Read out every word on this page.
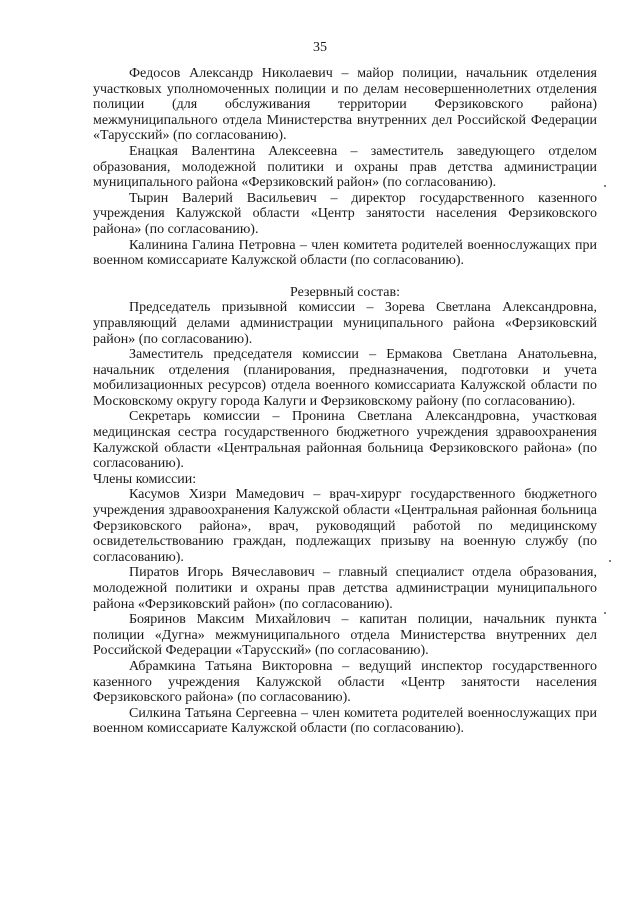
35

Федосов Александр Николаевич – майор полиции, начальник отделения участковых уполномоченных полиции и по делам несовершеннолетних отделения полиции (для обслуживания территории Ферзиковского района) межмуниципального отдела Министерства внутренних дел Российской Федерации «Тарусский» (по согласованию).

Енацкая Валентина Алексеевна – заместитель заведующего отделом образования, молодежной политики и охраны прав детства администрации муниципального района «Ферзиковский район» (по согласованию).

Тырин Валерий Васильевич – директор государственного казенного учреждения Калужской области «Центр занятости населения Ферзиковского района» (по согласованию).

Калинина Галина Петровна – член комитета родителей военнослужащих при военном комиссариате Калужской области (по согласованию).

Резервный состав:

Председатель призывной комиссии – Зорева Светлана Александровна, управляющий делами администрации муниципального района «Ферзиковский район» (по согласованию).

Заместитель председателя комиссии – Ермакова Светлана Анатольевна, начальник отделения (планирования, предназначения, подготовки и учета мобилизационных ресурсов) отдела военного комиссариата Калужской области по Московскому округу города Калуги и Ферзиковскому району (по согласованию).

Секретарь комиссии – Пронина Светлана Александровна, участковая медицинская сестра государственного бюджетного учреждения здравоохранения Калужской области «Центральная районная больница Ферзиковского района» (по согласованию).

Члены комиссии:

Касумов Хизри Мамедович – врач-хирург государственного бюджетного учреждения здравоохранения Калужской области «Центральная районная больница Ферзиковского района», врач, руководящий работой по медицинскому освидетельствованию граждан, подлежащих призыву на военную службу (по согласованию).

Пиратов Игорь Вячеславович – главный специалист отдела образования, молодежной политики и охраны прав детства администрации муниципального района «Ферзиковский район» (по согласованию).

Бояринов Максим Михайлович – капитан полиции, начальник пункта полиции «Дугна» межмуниципального отдела Министерства внутренних дел Российской Федерации «Тарусский» (по согласованию).

Абрамкина Татьяна Викторовна – ведущий инспектор государственного казенного учреждения Калужской области «Центр занятости населения Ферзиковского района» (по согласованию).

Силкина Татьяна Сергеевна – член комитета родителей военнослужащих при военном комиссариате Калужской области (по согласованию).
